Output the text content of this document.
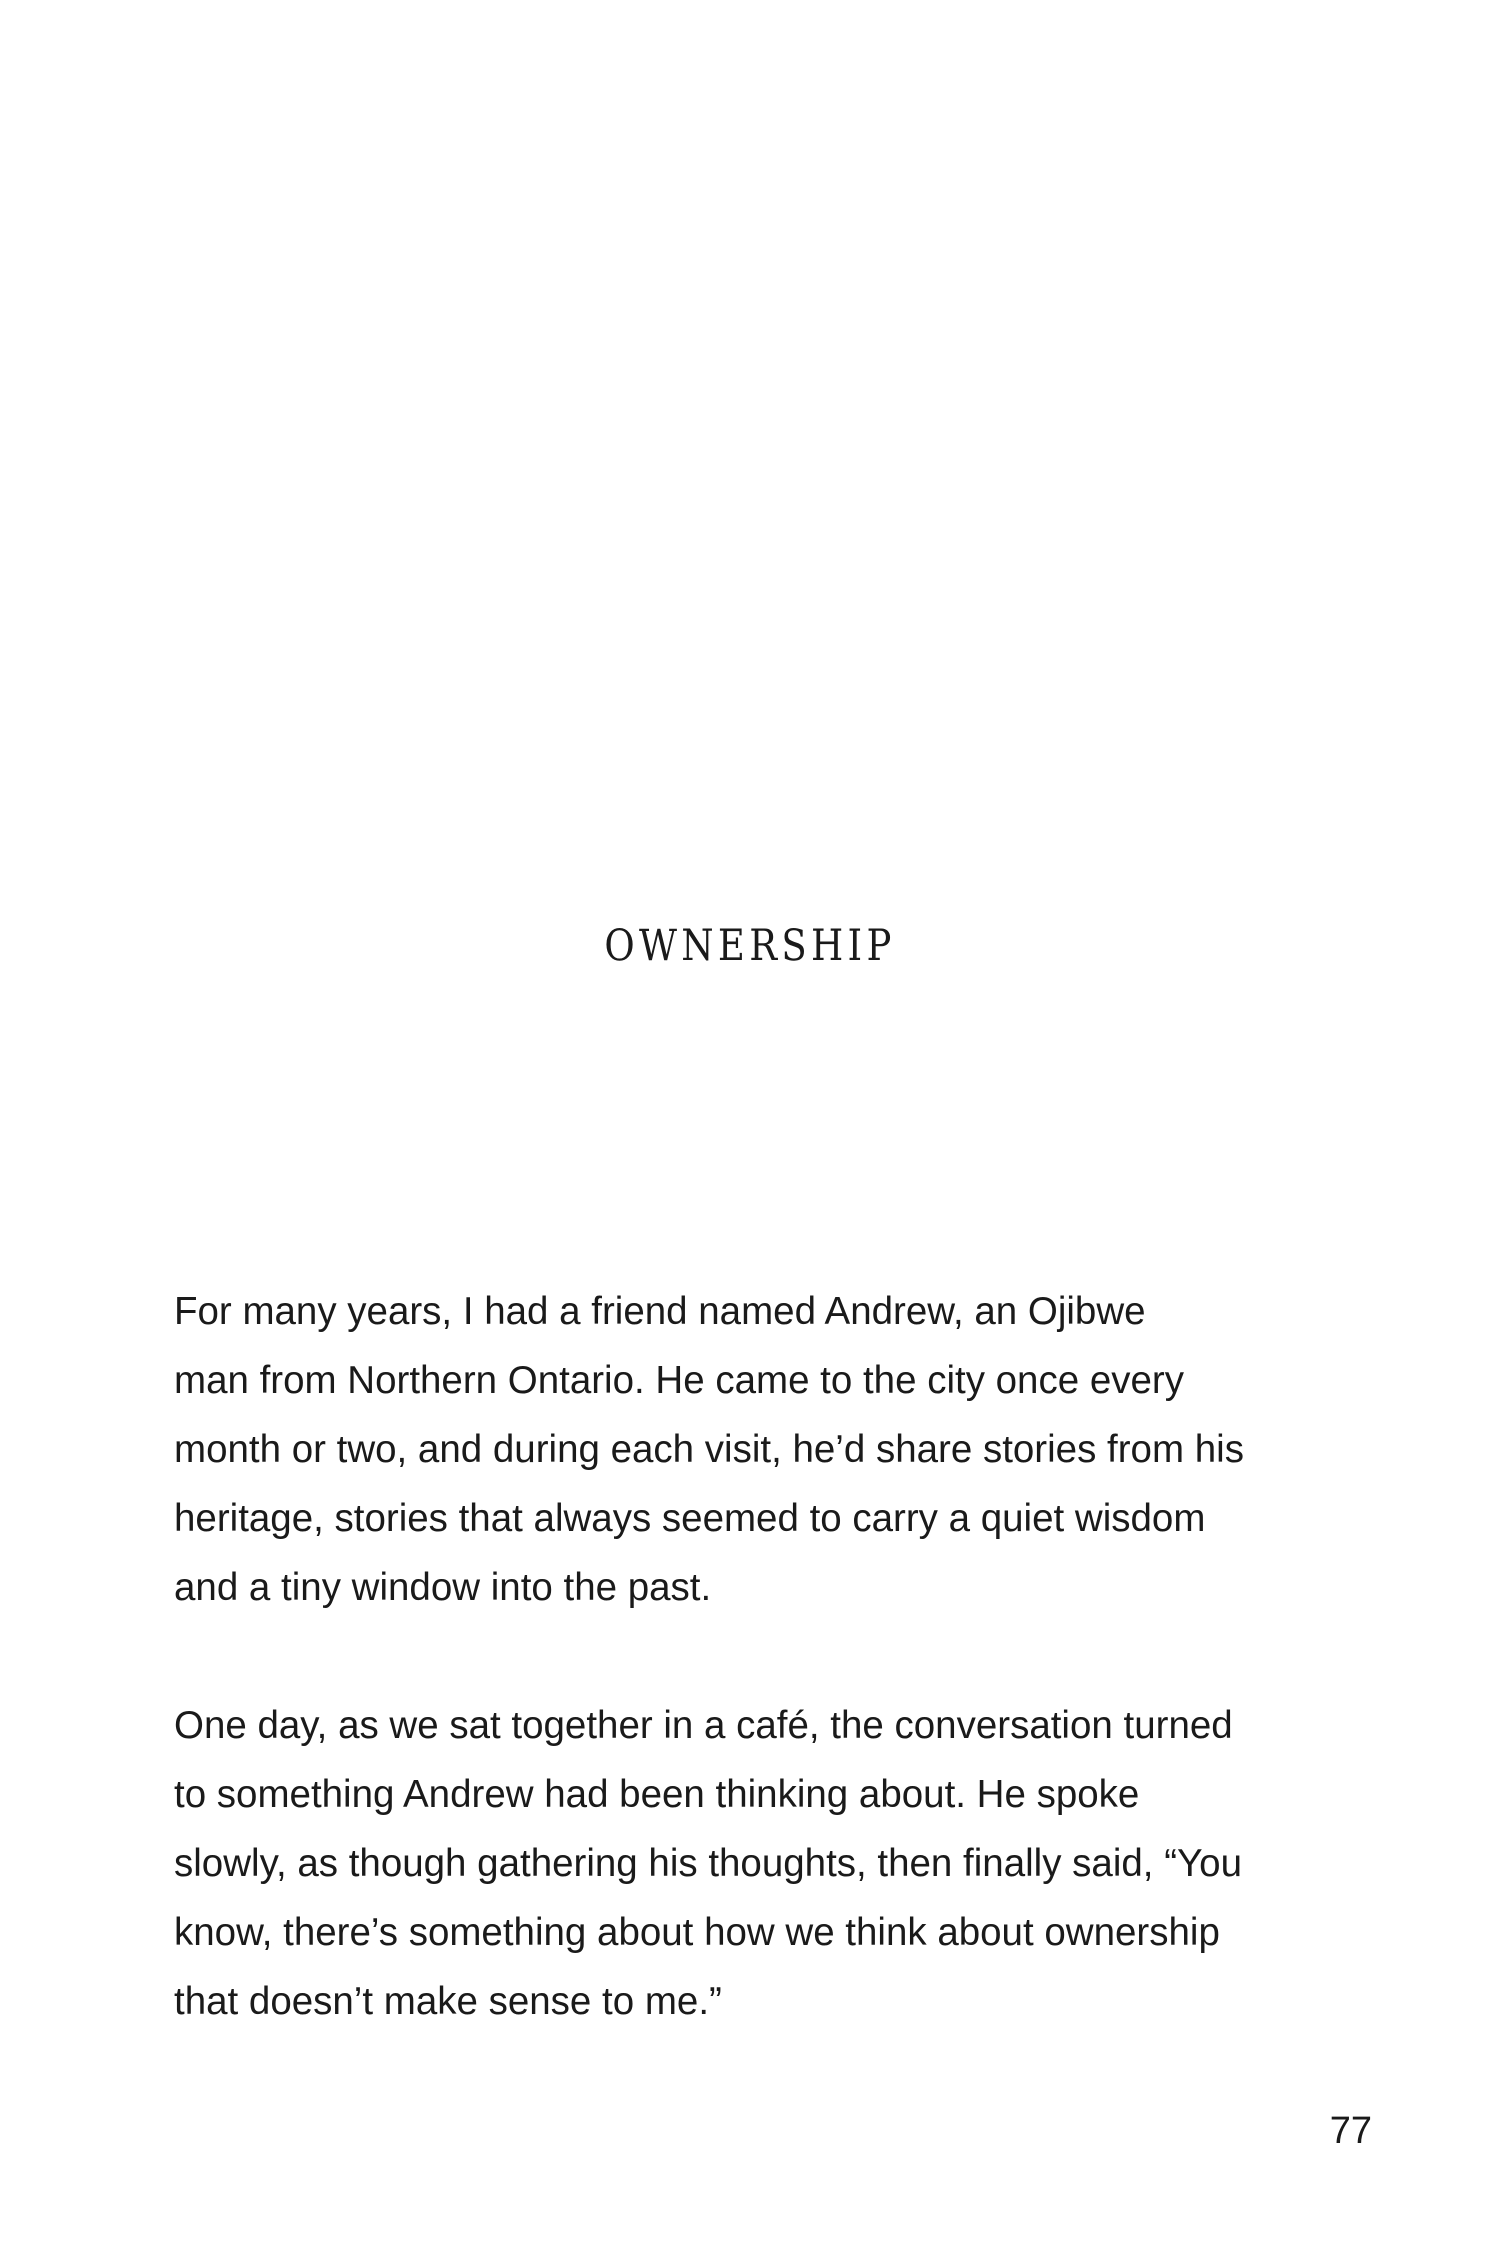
OWNERSHIP

For many years, I had a friend named Andrew, an Ojibwe
man from Northern Ontario. He came to the city once every
month or two, and during each visit, he’d share stories from his
heritage, stories that always seemed to carry a quiet wisdom
and a tiny window into the past.

One day, as we sat together in a café, the conversation turned
to something Andrew had been thinking about. He spoke
slowly, as though gathering his thoughts, then finally said, “You
know, there’s something about how we think about ownership
that doesn’t make sense to me.”

77
